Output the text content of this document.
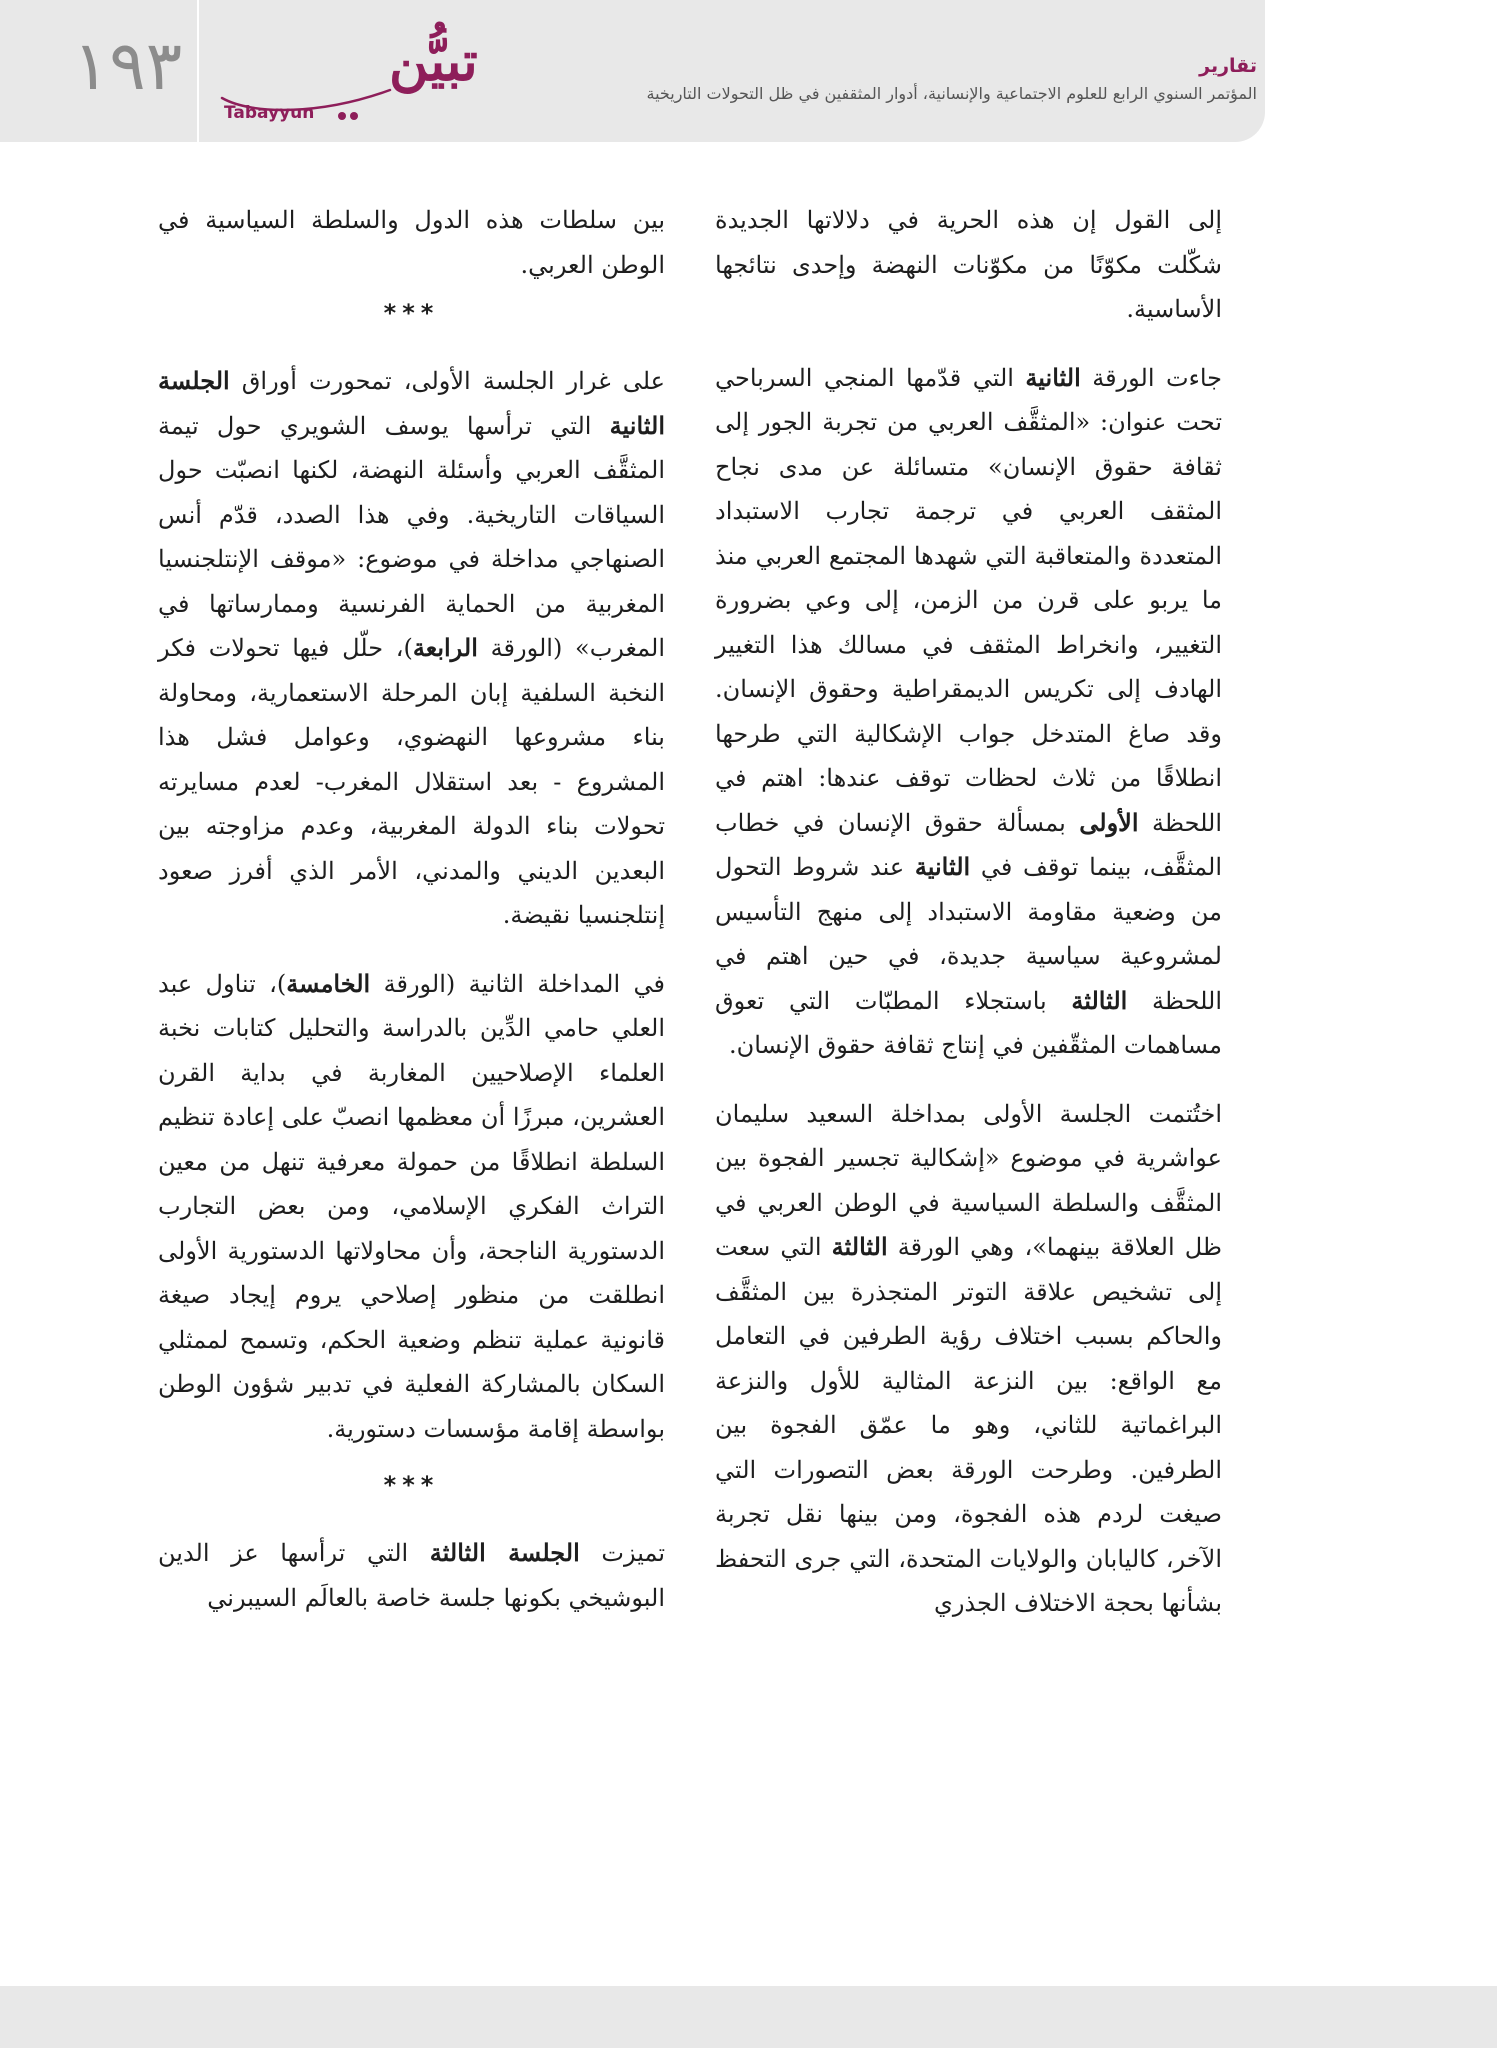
١٩٣	تبيُّن
Tabayyun
تقارير
المؤتمر السنوي الرابع للعلوم الاجتماعية والإنسانية، أدوار المثقفين في ظل التحولات التاريخية

إلى القول إن هذه الحرية في دلالاتها الجديدة شكّلت مكوّنًا من مكوّنات النهضة وإحدى نتائجها الأساسية.

جاءت الورقة الثانية التي قدّمها المنجي السرباحي تحت عنوان: «المثقَّف العربي من تجربة الجور إلى ثقافة حقوق الإنسان» متسائلة عن مدى نجاح المثقف العربي في ترجمة تجارب الاستبداد المتعددة والمتعاقبة التي شهدها المجتمع العربي منذ ما يربو على قرن من الزمن، إلى وعي بضرورة التغيير، وانخراط المثقف في مسالك هذا التغيير الهادف إلى تكريس الديمقراطية وحقوق الإنسان. وقد صاغ المتدخل جواب الإشكالية التي طرحها انطلاقًا من ثلاث لحظات توقف عندها: اهتم في اللحظة الأولى بمسألة حقوق الإنسان في خطاب المثقَّف، بينما توقف في الثانية عند شروط التحول من وضعية مقاومة الاستبداد إلى منهج التأسيس لمشروعية سياسية جديدة، في حين اهتم في اللحظة الثالثة باستجلاء المطبّات التي تعوق مساهمات المثقّفين في إنتاج ثقافة حقوق الإنسان.

اختُتمت الجلسة الأولى بمداخلة السعيد سليمان عواشرية في موضوع «إشكالية تجسير الفجوة بين المثقَّف والسلطة السياسية في الوطن العربي في ظل العلاقة بينهما»، وهي الورقة الثالثة التي سعت إلى تشخيص علاقة التوتر المتجذرة بين المثقَّف والحاكم بسبب اختلاف رؤية الطرفين في التعامل مع الواقع: بين النزعة المثالية للأول والنزعة البراغماتية للثاني، وهو ما عمّق الفجوة بين الطرفين. وطرحت الورقة بعض التصورات التي صيغت لردم هذه الفجوة، ومن بينها نقل تجربة الآخر، كاليابان والولايات المتحدة، التي جرى التحفظ بشأنها بحجة الاختلاف الجذري

بين سلطات هذه الدول والسلطة السياسية في الوطن العربي.

***

على غرار الجلسة الأولى، تمحورت أوراق الجلسة الثانية التي ترأسها يوسف الشويري حول تيمة المثقَّف العربي وأسئلة النهضة، لكنها انصبّت حول السياقات التاريخية. وفي هذا الصدد، قدّم أنس الصنهاجي مداخلة في موضوع: «موقف الإنتلجنسيا المغربية من الحماية الفرنسية وممارساتها في المغرب» (الورقة الرابعة)، حلّل فيها تحولات فكر النخبة السلفية إبان المرحلة الاستعمارية، ومحاولة بناء مشروعها النهضوي، وعوامل فشل هذا المشروع - بعد استقلال المغرب- لعدم مسايرته تحولات بناء الدولة المغربية، وعدم مزاوجته بين البعدين الديني والمدني، الأمر الذي أفرز صعود إنتلجنسيا نقيضة.

في المداخلة الثانية (الورقة الخامسة)، تناول عبد العلي حامي الدِّين بالدراسة والتحليل كتابات نخبة العلماء الإصلاحيين المغاربة في بداية القرن العشرين، مبرزًا أن معظمها انصبّ على إعادة تنظيم السلطة انطلاقًا من حمولة معرفية تنهل من معين التراث الفكري الإسلامي، ومن بعض التجارب الدستورية الناجحة، وأن محاولاتها الدستورية الأولى انطلقت من منظور إصلاحي يروم إيجاد صيغة قانونية عملية تنظم وضعية الحكم، وتسمح لممثلي السكان بالمشاركة الفعلية في تدبير شؤون الوطن بواسطة إقامة مؤسسات دستورية.

***

تميزت الجلسة الثالثة التي ترأسها عز الدين البوشيخي بكونها جلسة خاصة بالعالَم السيبرني
